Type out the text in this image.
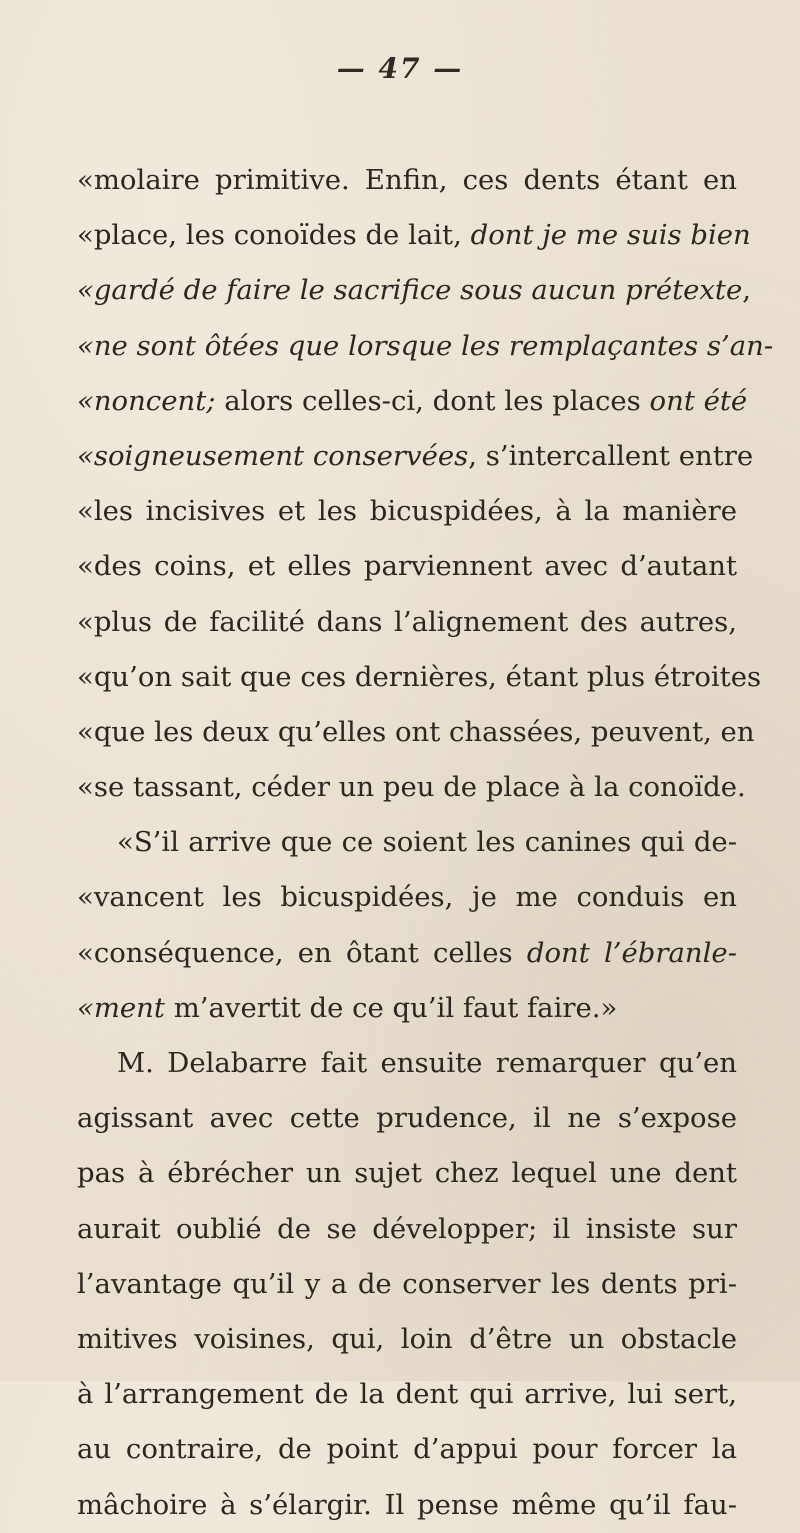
— 47 —
«molaire primitive. Enfin, ces dents étant en
«place, les conoïdes de lait, dont je me suis bien
«gardé de faire le sacrifice sous aucun prétexte,
«ne sont ôtées que lorsque les remplaçantes s’an-
«noncent; alors celles-ci, dont les places ont été
«soigneusement conservées, s’intercallent entre
«les incisives et les bicuspidées, à la manière
«des coins, et elles parviennent avec d’autant
«plus de facilité dans l’alignement des autres,
«qu’on sait que ces dernières, étant plus étroites
«que les deux qu’elles ont chassées, peuvent, en
«se tassant, céder un peu de place à la conoïde.
«S’il arrive que ce soient les canines qui de-
«vancent les bicuspidées, je me conduis en
«conséquence, en ôtant celles dont l’ébranle-
«ment m’avertit de ce qu’il faut faire.»
M. Delabarre fait ensuite remarquer qu’en
agissant avec cette prudence, il ne s’expose
pas à ébrécher un sujet chez lequel une dent
aurait oublié de se développer; il insiste sur
l’avantage qu’il y a de conserver les dents pri-
mitives voisines, qui, loin d’être un obstacle
à l’arrangement de la dent qui arrive, lui sert,
au contraire, de point d’appui pour forcer la
mâchoire à s’élargir. Il pense même qu’il fau-
